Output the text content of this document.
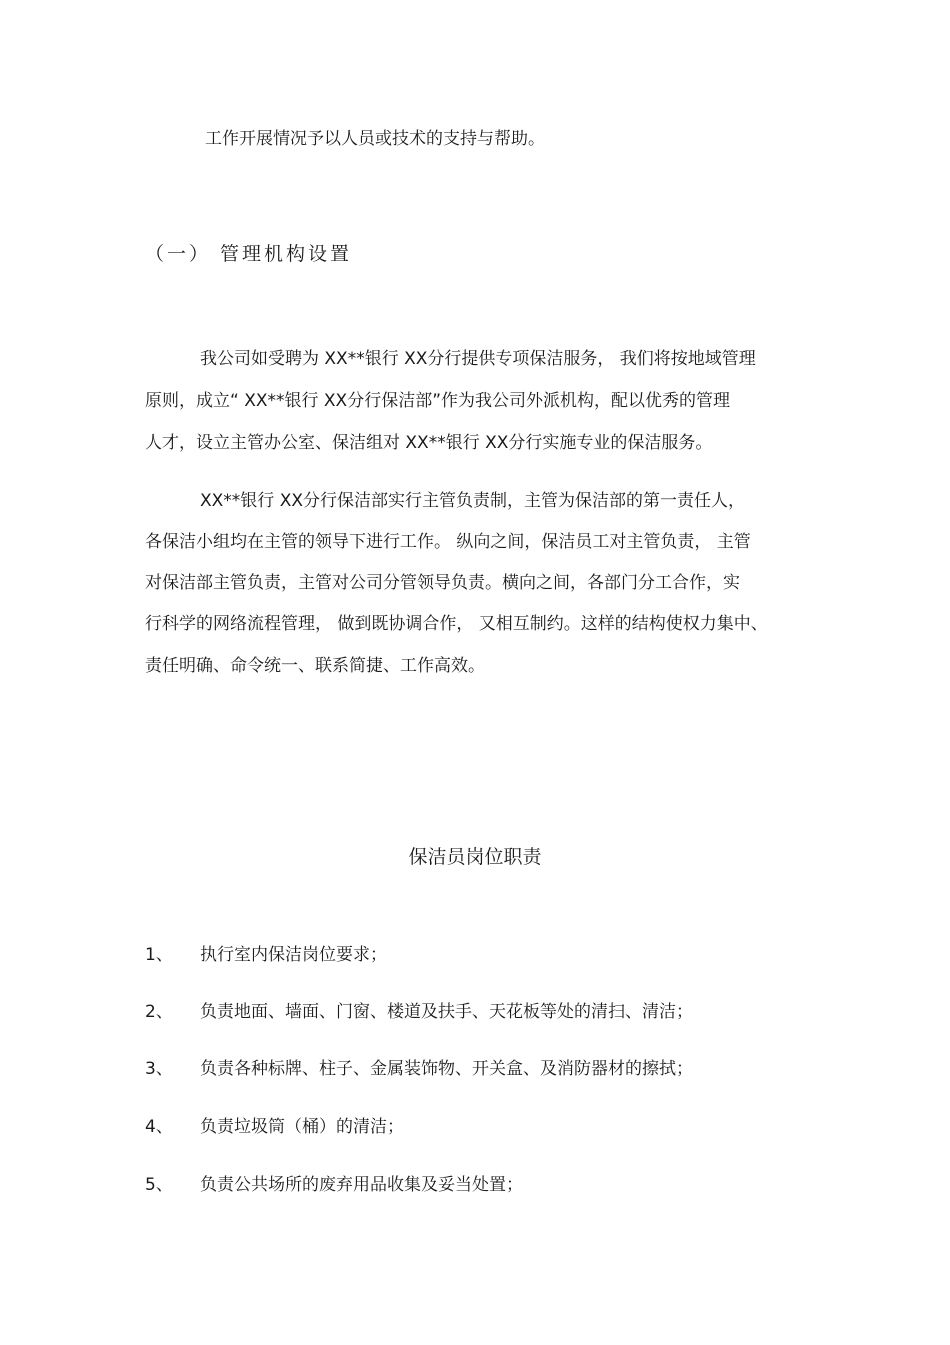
工作开展情况予以人员或技术的支持与帮助。
（一） 管理机构设置
我公司如受聘为 XX**银行 XX分行提供专项保洁服务， 我们将按地域管理
原则，成立“ XX**银行 XX分行保洁部”作为我公司外派机构，配以优秀的管理
人才，设立主管办公室、保洁组对 XX**银行 XX分行实施专业的保洁服务。
XX**银行 XX分行保洁部实行主管负责制，主管为保洁部的第一责任人，
各保洁小组均在主管的领导下进行工作。 纵向之间，保洁员工对主管负责， 主管
对保洁部主管负责，主管对公司分管领导负责。横向之间，各部门分工合作，实
行科学的网络流程管理， 做到既协调合作， 又相互制约。这样的结构使权力集中、
责任明确、命令统一、联系简捷、工作高效。
保洁员岗位职责
1、 执行室内保洁岗位要求；
2、 负责地面、墙面、门窗、楼道及扶手、天花板等处的清扫、清洁；
3、 负责各种标牌、柱子、金属装饰物、开关盒、及消防器材的擦拭；
4、 负责垃圾筒（桶）的清洁；
5、 负责公共场所的废弃用品收集及妥当处置；
